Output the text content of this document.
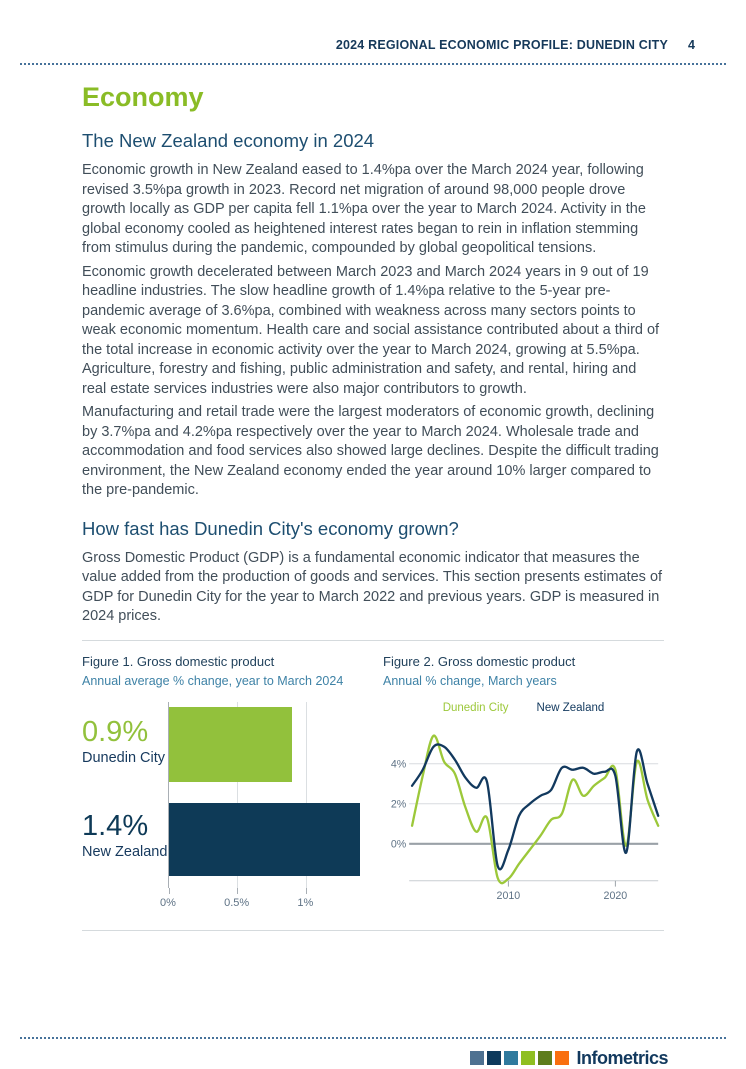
2024 REGIONAL ECONOMIC PROFILE: DUNEDIN CITY 4
Economy
The New Zealand economy in 2024

Economic growth in New Zealand eased to 1.4%pa over the March 2024 year, following revised 3.5%pa growth in 2023. Record net migration of around 98,000 people drove growth locally as GDP per capita fell 1.1%pa over the year to March 2024. Activity in the global economy cooled as heightened interest rates began to rein in inflation stemming from stimulus during the pandemic, compounded by global geopolitical tensions.

Economic growth decelerated between March 2023 and March 2024 years in 9 out of 19 headline industries. The slow headline growth of 1.4%pa relative to the 5-year pre-pandemic average of 3.6%pa, combined with weakness across many sectors points to weak economic momentum. Health care and social assistance contributed about a third of the total increase in economic activity over the year to March 2024, growing at 5.5%pa. Agriculture, forestry and fishing, public administration and safety, and rental, hiring and real estate services industries were also major contributors to growth.

Manufacturing and retail trade were the largest moderators of economic growth, declining by 3.7%pa and 4.2%pa respectively over the year to March 2024. Wholesale trade and accommodation and food services also showed large declines. Despite the difficult trading environment, the New Zealand economy ended the year around 10% larger compared to the pre-pandemic.

How fast has Dunedin City's economy grown?

Gross Domestic Product (GDP) is a fundamental economic indicator that measures the value added from the production of goods and services. This section presents estimates of GDP for Dunedin City for the year to March 2022 and previous years. GDP is measured in 2024 prices.

Figure 1. Gross domestic product
Annual average % change, year to March 2024
0.9%
Dunedin City
1.4%
New Zealand
0%	0.5%	1%
Figure 2. Gross domestic product
Annual % change, March years
Dunedin City New Zealand
0%
2%
4%
2010	2020
Infometrics
